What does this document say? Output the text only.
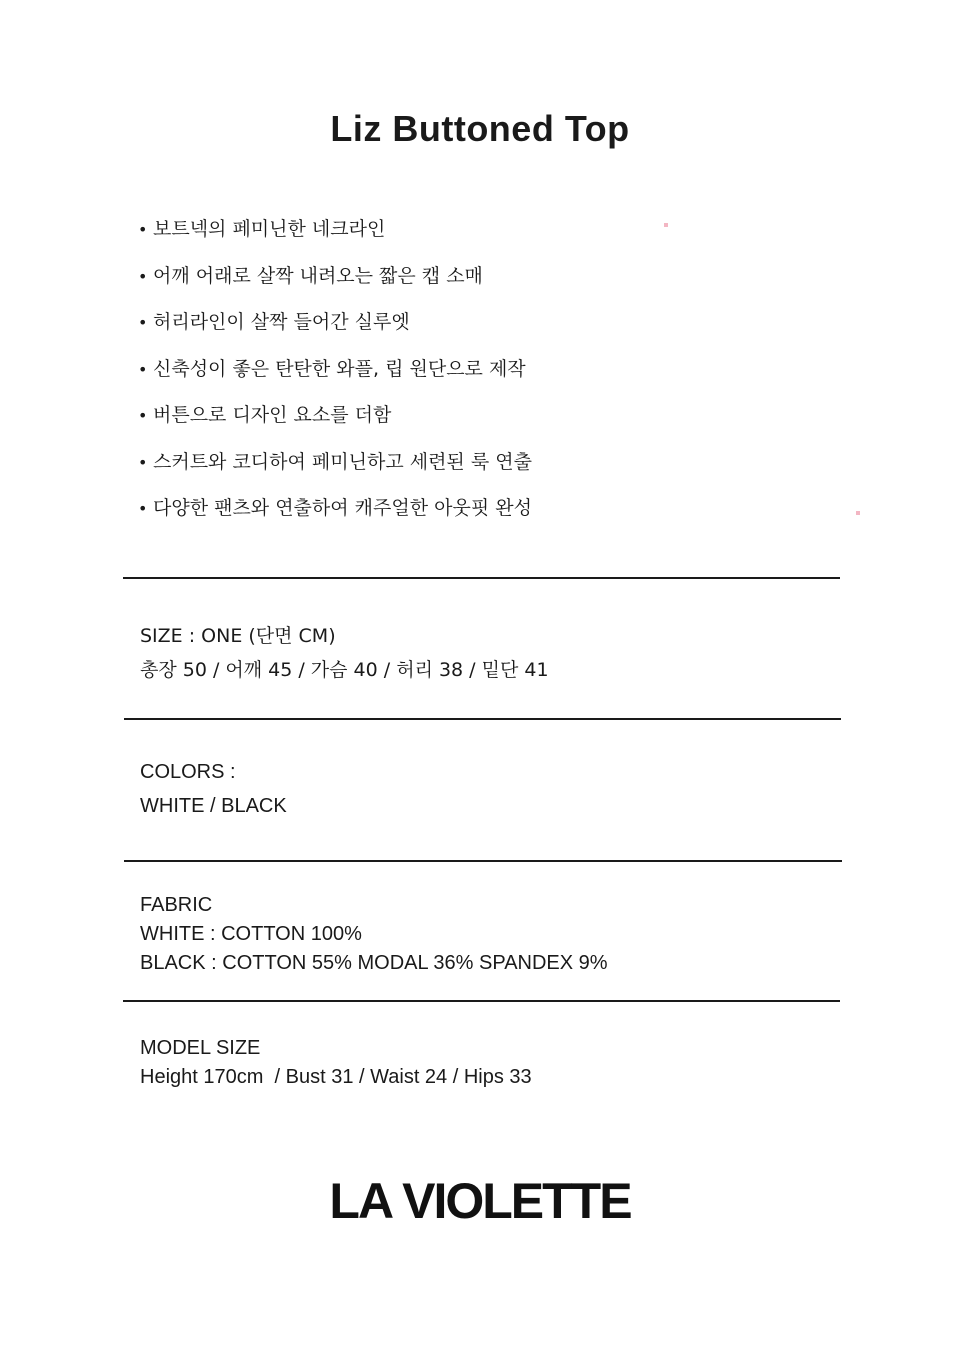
Liz Buttoned Top
• 보트넥의 페미닌한 네크라인
• 어깨 어래로 살짝 내려오는 짧은 캡 소매
• 허리라인이 살짝 들어간 실루엣
• 신축성이 좋은 탄탄한 와플, 립 원단으로 제작
• 버튼으로 디자인 요소를 더함
• 스커트와 코디하여 페미닌하고 세련된 룩 연출
• 다양한 팬츠와 연출하여 캐주얼한 아웃핏 완성
SIZE : ONE (단면 CM)
총장 50 / 어깨 45 / 가슴 40 / 허리 38 / 밑단 41
COLORS :
WHITE / BLACK
FABRIC
WHITE : COTTON 100%
BLACK : COTTON 55% MODAL 36% SPANDEX 9%
MODEL SIZE
Height 170cm  / Bust 31 / Waist 24 / Hips 33
LA VIOLETTE
